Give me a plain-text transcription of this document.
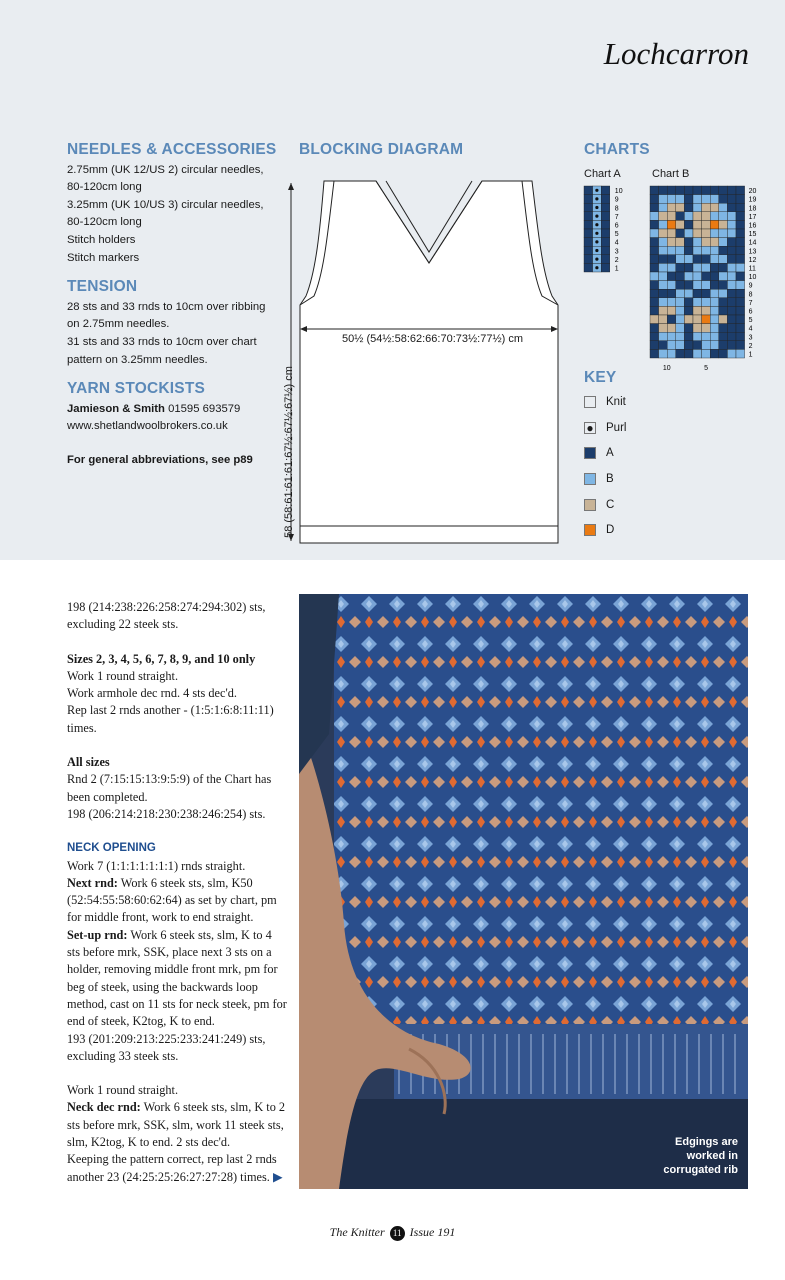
Lochcarron
NEEDLES & ACCESSORIES
2.75mm (UK 12/US 2) circular needles,
80-120cm long
3.25mm (UK 10/US 3) circular needles,
80-120cm long
Stitch holders
Stitch markers
TENSION
28 sts and 33 rnds to 10cm over ribbing
on 2.75mm needles.
31 sts and 33 rnds to 10cm over chart
pattern on 3.25mm needles.
YARN STOCKISTS
Jamieson & Smith 01595 693579
www.shetlandwoolbrokers.co.uk
For general abbreviations, see p89
BLOCKING DIAGRAM
50½ (54½:58:62:66:70:73½:77½) cm
58 (58:61:61:61:67½:67½:67½) cm
CHARTS
Chart A	Chart B
10
9
8
7
6
5
4
3
2
1
20
19
18
17
16
15
14
13
12
11
10
9
8
7
6
5
4
3
2
1
10	5
KEY
Knit
● Purl
A
B
C
D

198 (214:238:226:258:274:294:302) sts, excluding 22 steek sts.

Sizes 2, 3, 4, 5, 6, 7, 8, 9, and 10 only
Work 1 round straight.
Work armhole dec rnd. 4 sts dec'd.
Rep last 2 rnds another - (1:5:1:6:8:11:11) times.

All sizes
Rnd 2 (7:15:15:13:9:5:9) of the Chart has been completed.
198 (206:214:218:230:238:246:254) sts.

NECK OPENING
Work 7 (1:1:1:1:1:1:1) rnds straight.
Next rnd: Work 6 steek sts, slm, K50 (52:54:55:58:60:62:64) as set by chart, pm for middle front, work to end straight.
Set-up rnd: Work 6 steek sts, slm, K to 4 sts before mrk, SSK, place next 3 sts on a holder, removing middle front mrk, pm for beg of steek, using the backwards loop method, cast on 11 sts for neck steek, pm for end of steek, K2tog, K to end.
193 (201:209:213:225:233:241:249) sts, excluding 33 steek sts.

Work 1 round straight.
Neck dec rnd: Work 6 steek sts, slm, K to 2 sts before mrk, SSK, slm, work 11 steek sts, slm, K2tog, K to end. 2 sts dec'd.
Keeping the pattern correct, rep last 2 rnds another 23 (24:25:25:26:27:27:28) times. ▶

Edgings are
worked in
corrugated rib
The Knitter 11 Issue 191
